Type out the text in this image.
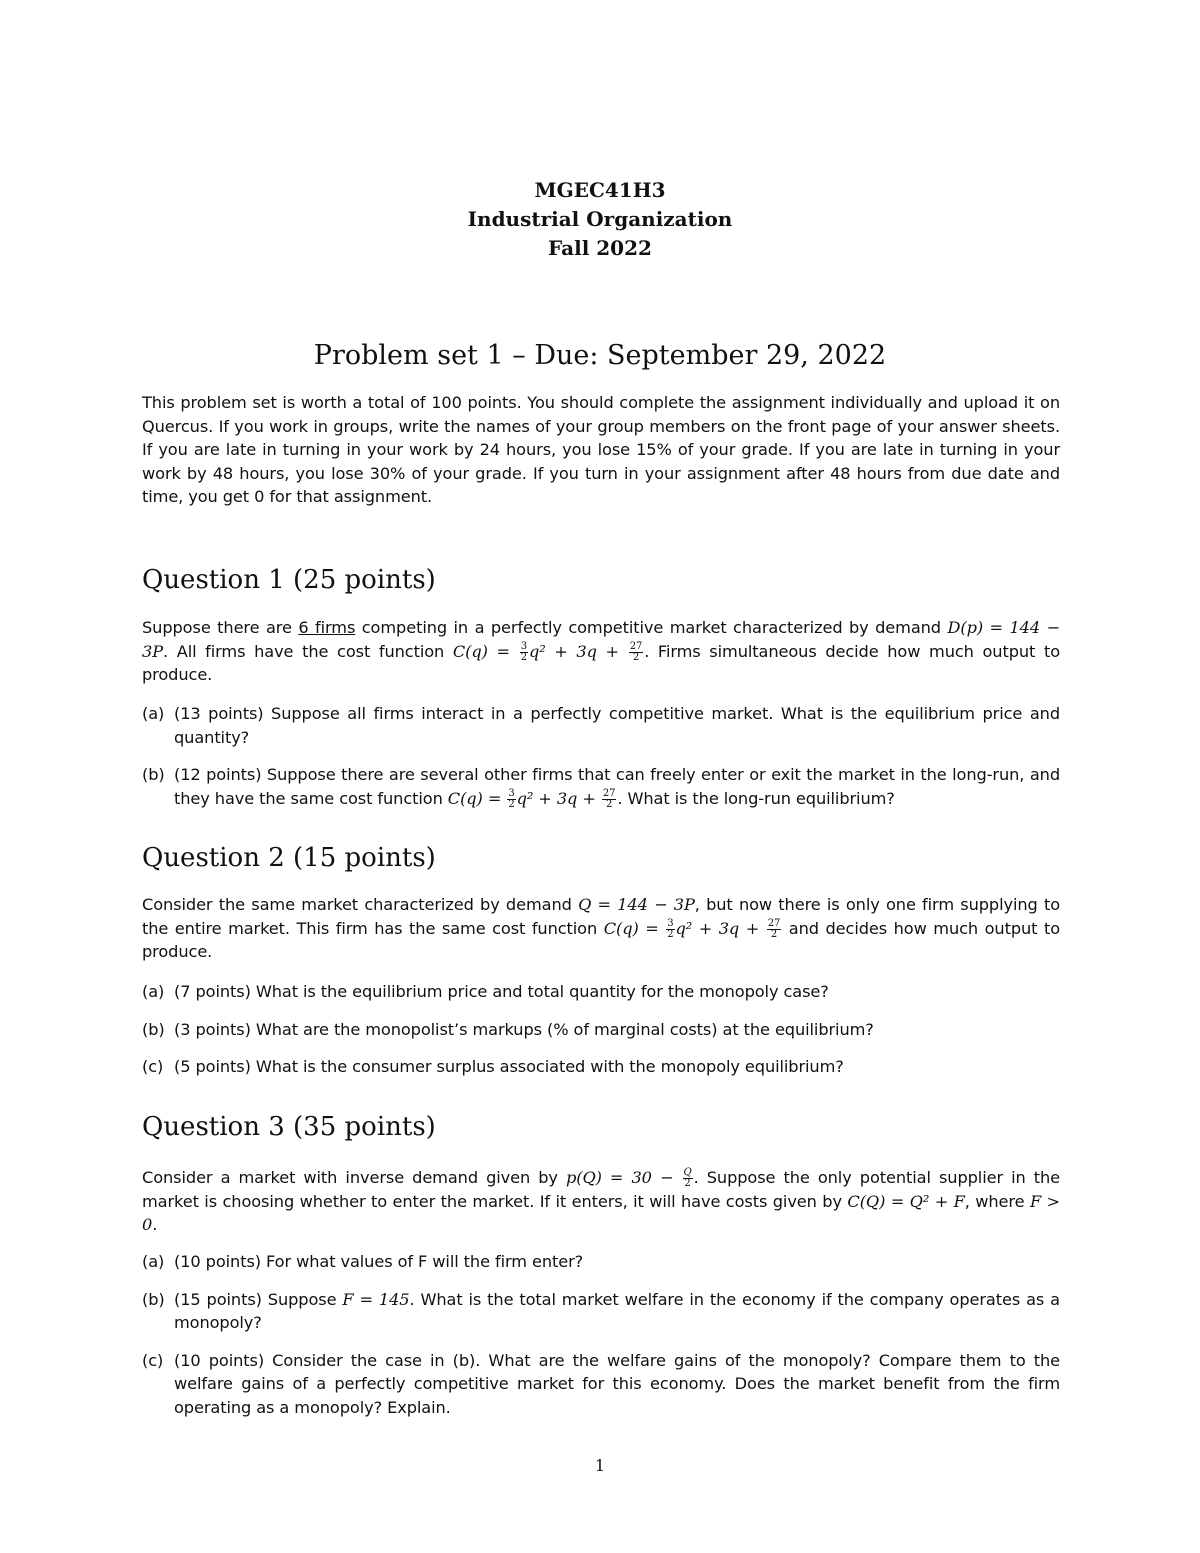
MGEC41H3
Industrial Organization
Fall 2022
Problem set 1 – Due: September 29, 2022
This problem set is worth a total of 100 points. You should complete the assignment individually and upload it on Quercus. If you work in groups, write the names of your group members on the front page of your answer sheets. If you are late in turning in your work by 24 hours, you lose 15% of your grade. If you are late in turning in your work by 48 hours, you lose 30% of your grade. If you turn in your assignment after 48 hours from due date and time, you get 0 for that assignment.
Question 1 (25 points)
Suppose there are 6 firms competing in a perfectly competitive market characterized by demand D(p) = 144 − 3P. All firms have the cost function $C(q) = \frac{3}{2} q^2 + 3q + \frac{27}{2}$ . Firms simultaneous decide how much output to produce.
(a) (13 points) Suppose all firms interact in a perfectly competitive market. What is the equilibrium price and quantity?
(b) (12 points) Suppose there are several other firms that can freely enter or exit the market in the long-run, and they have the same cost function $C(q) = \frac{3}{2} q^2 + 3q + \frac{27}{2}$ . What is the long-run equilibrium?
Question 2 (15 points)
Consider the same market characterized by demand Q = 144 − 3P, but now there is only one firm supplying to the entire market. This firm has the same cost function $C(q) = \frac{3}{2} q^2 + 3q + \frac{27}{2}$ and decides how much output to produce.
(a) (7 points) What is the equilibrium price and total quantity for the monopoly case?
(b) (3 points) What are the monopolist’s markups (% of marginal costs) at the equilibrium?
(c) (5 points) What is the consumer surplus associated with the monopoly equilibrium?
Question 3 (35 points)
Consider a market with inverse demand given by $p(Q) = 30 - \frac{Q}{2}$ . Suppose the only potential supplier in the market is choosing whether to enter the market. If it enters, it will have costs given by C(Q) = Q² + F, where F > 0.
(a) (10 points) For what values of F will the firm enter?
(b) (15 points) Suppose F = 145. What is the total market welfare in the economy if the company operates as a monopoly?
(c) (10 points) Consider the case in (b). What are the welfare gains of the monopoly? Compare them to the welfare gains of a perfectly competitive market for this economy. Does the market benefit from the firm operating as a monopoly? Explain.
1
